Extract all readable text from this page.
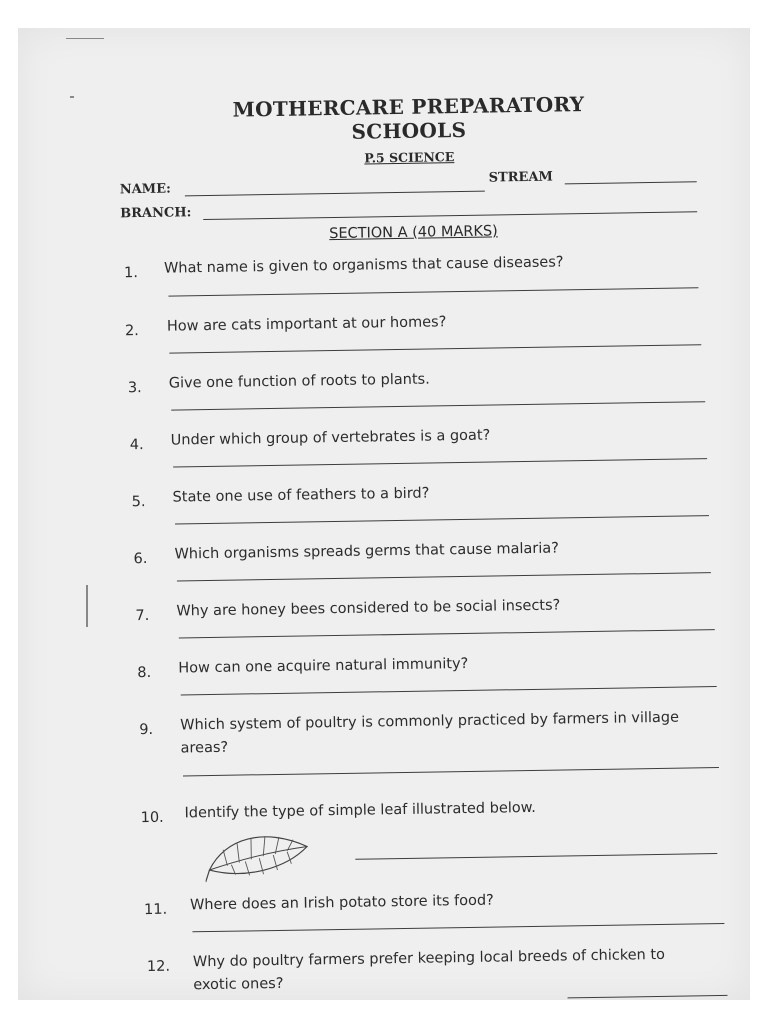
MOTHERCARE PREPARATORY SCHOOLS
P.5 SCIENCE
NAME:
STREAM
BRANCH:
SECTION A (40 MARKS)
1. What name is given to organisms that cause diseases?
2. How are cats important at our homes?
3. Give one function of roots to plants.
4. Under which group of vertebrates is a goat?
5. State one use of feathers to a bird?
6. Which organisms spreads germs that cause malaria?
7. Why are honey bees considered to be social insects?
8. How can one acquire natural immunity?
9. Which system of poultry is commonly practiced by farmers in village areas?
10. Identify the type of simple leaf illustrated below.
11. Where does an Irish potato store its food?
12. Why do poultry farmers prefer keeping local breeds of chicken to exotic ones?
